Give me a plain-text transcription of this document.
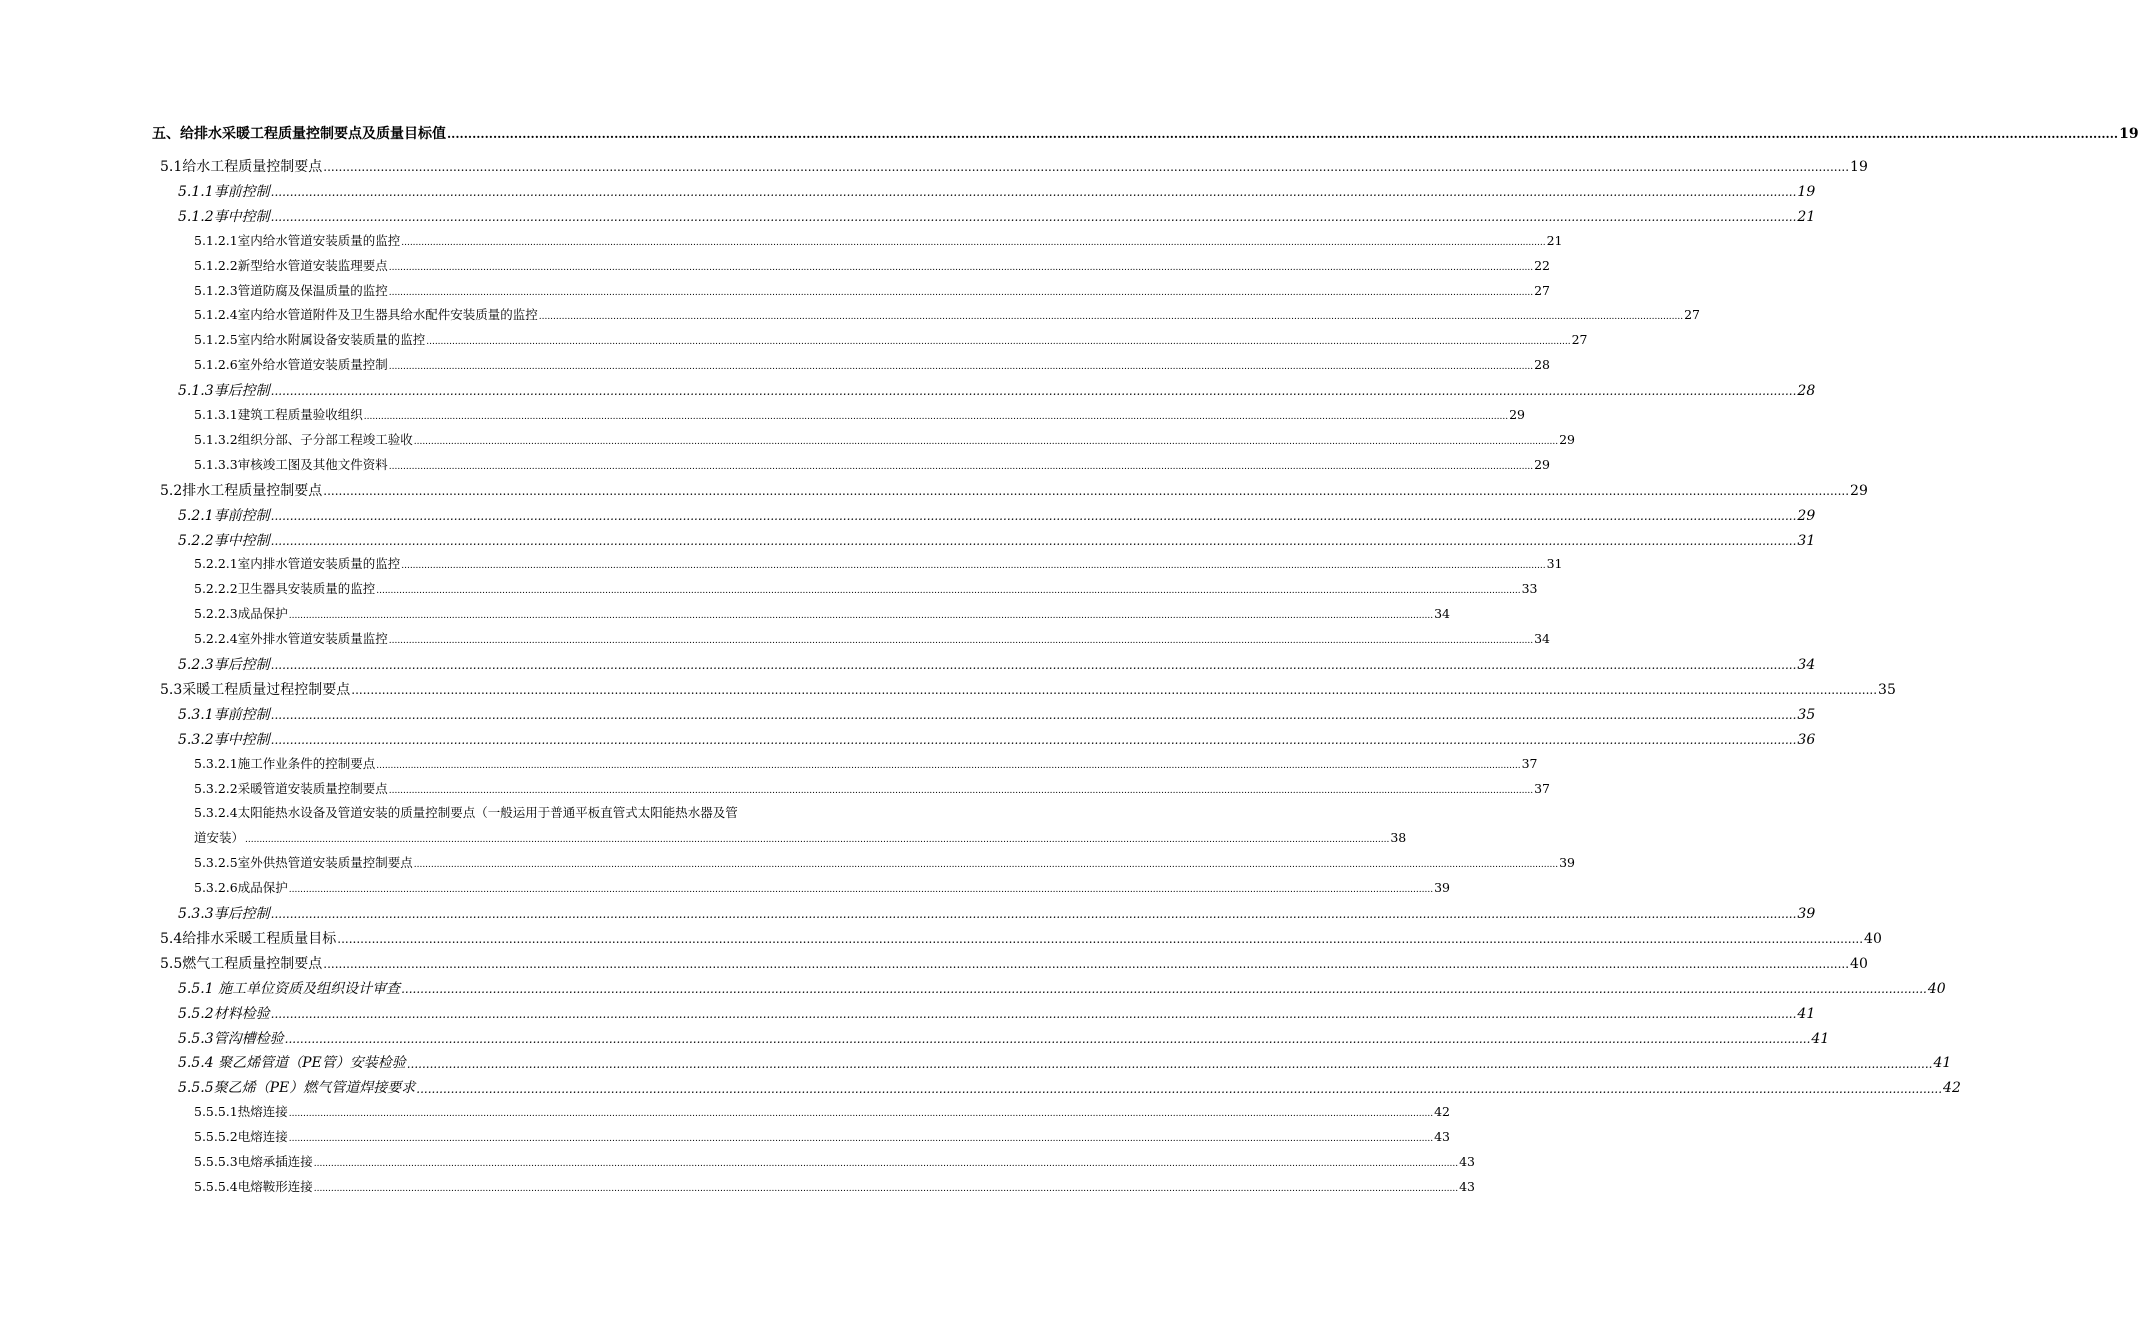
五、给排水采暖工程质量控制要点及质量目标值 ................................................................................................................................................................................................................................................................................................................................................................................................................ 19
5.1给水工程质量控制要点 ................................................................................................................................................................................................................................................................................................................................................................................................................ 19
5.1.1事前控制 ................................................................................................................................................................................................................................................................................................................................................................................................................ 19
5.1.2事中控制 ................................................................................................................................................................................................................................................................................................................................................................................................................ 21
5.1.2.1室内给水管道安装质量的监控 ................................................................................................................................................................................................................................................................................................................................................................................................................ 21
5.1.2.2新型给水管道安装监理要点 ................................................................................................................................................................................................................................................................................................................................................................................................................ 22
5.1.2.3管道防腐及保温质量的监控 ................................................................................................................................................................................................................................................................................................................................................................................................................ 27
5.1.2.4室内给水管道附件及卫生器具给水配件安装质量的监控 ................................................................................................................................................................................................................................................................................................................................................................................................................ 27
5.1.2.5室内给水附属设备安装质量的监控 ................................................................................................................................................................................................................................................................................................................................................................................................................ 27
5.1.2.6室外给水管道安装质量控制 ................................................................................................................................................................................................................................................................................................................................................................................................................ 28
5.1.3事后控制 ................................................................................................................................................................................................................................................................................................................................................................................................................ 28
5.1.3.1建筑工程质量验收组织 ................................................................................................................................................................................................................................................................................................................................................................................................................ 29
5.1.3.2组织分部、子分部工程竣工验收 ................................................................................................................................................................................................................................................................................................................................................................................................................ 29
5.1.3.3审核竣工图及其他文件资料 ................................................................................................................................................................................................................................................................................................................................................................................................................ 29
5.2排水工程质量控制要点 ................................................................................................................................................................................................................................................................................................................................................................................................................ 29
5.2.1事前控制 ................................................................................................................................................................................................................................................................................................................................................................................................................ 29
5.2.2事中控制 ................................................................................................................................................................................................................................................................................................................................................................................................................ 31
5.2.2.1室内排水管道安装质量的监控 ................................................................................................................................................................................................................................................................................................................................................................................................................ 31
5.2.2.2卫生器具安装质量的监控 ................................................................................................................................................................................................................................................................................................................................................................................................................ 33
5.2.2.3成品保护 ................................................................................................................................................................................................................................................................................................................................................................................................................ 34
5.2.2.4室外排水管道安装质量监控 ................................................................................................................................................................................................................................................................................................................................................................................................................ 34
5.2.3事后控制 ................................................................................................................................................................................................................................................................................................................................................................................................................ 34
5.3采暖工程质量过程控制要点 ................................................................................................................................................................................................................................................................................................................................................................................................................ 35
5.3.1事前控制 ................................................................................................................................................................................................................................................................................................................................................................................................................ 35
5.3.2事中控制 ................................................................................................................................................................................................................................................................................................................................................................................................................ 36
5.3.2.1施工作业条件的控制要点 ................................................................................................................................................................................................................................................................................................................................................................................................................ 37
5.3.2.2采暖管道安装质量控制要点 ................................................................................................................................................................................................................................................................................................................................................................................................................ 37
5.3.2.4太阳能热水设备及管道安装的质量控制要点（一般运用于普通平板直管式太阳能热水器及管
道安装） ................................................................................................................................................................................................................................................................................................................................................................................................................ 38
5.3.2.5室外供热管道安装质量控制要点 ................................................................................................................................................................................................................................................................................................................................................................................................................ 39
5.3.2.6成品保护 ................................................................................................................................................................................................................................................................................................................................................................................................................ 39
5.3.3事后控制 ................................................................................................................................................................................................................................................................................................................................................................................................................ 39
5.4给排水采暖工程质量目标 ................................................................................................................................................................................................................................................................................................................................................................................................................ 40
5.5燃气工程质量控制要点 ................................................................................................................................................................................................................................................................................................................................................................................................................ 40
5.5.1 施工单位资质及组织设计审查 ................................................................................................................................................................................................................................................................................................................................................................................................................ 40
5.5.2材料检验 ................................................................................................................................................................................................................................................................................................................................................................................................................ 41
5.5.3管沟槽检验 ................................................................................................................................................................................................................................................................................................................................................................................................................ 41
5.5.4 聚乙烯管道（PE管）安装检验 ................................................................................................................................................................................................................................................................................................................................................................................................................ 41
5.5.5聚乙烯（PE）燃气管道焊接要求 ................................................................................................................................................................................................................................................................................................................................................................................................................ 42
5.5.5.1热熔连接 ................................................................................................................................................................................................................................................................................................................................................................................................................ 42
5.5.5.2电熔连接 ................................................................................................................................................................................................................................................................................................................................................................................................................ 43
5.5.5.3电熔承插连接 ................................................................................................................................................................................................................................................................................................................................................................................................................ 43
5.5.5.4电熔鞍形连接 ................................................................................................................................................................................................................................................................................................................................................................................................................ 43
